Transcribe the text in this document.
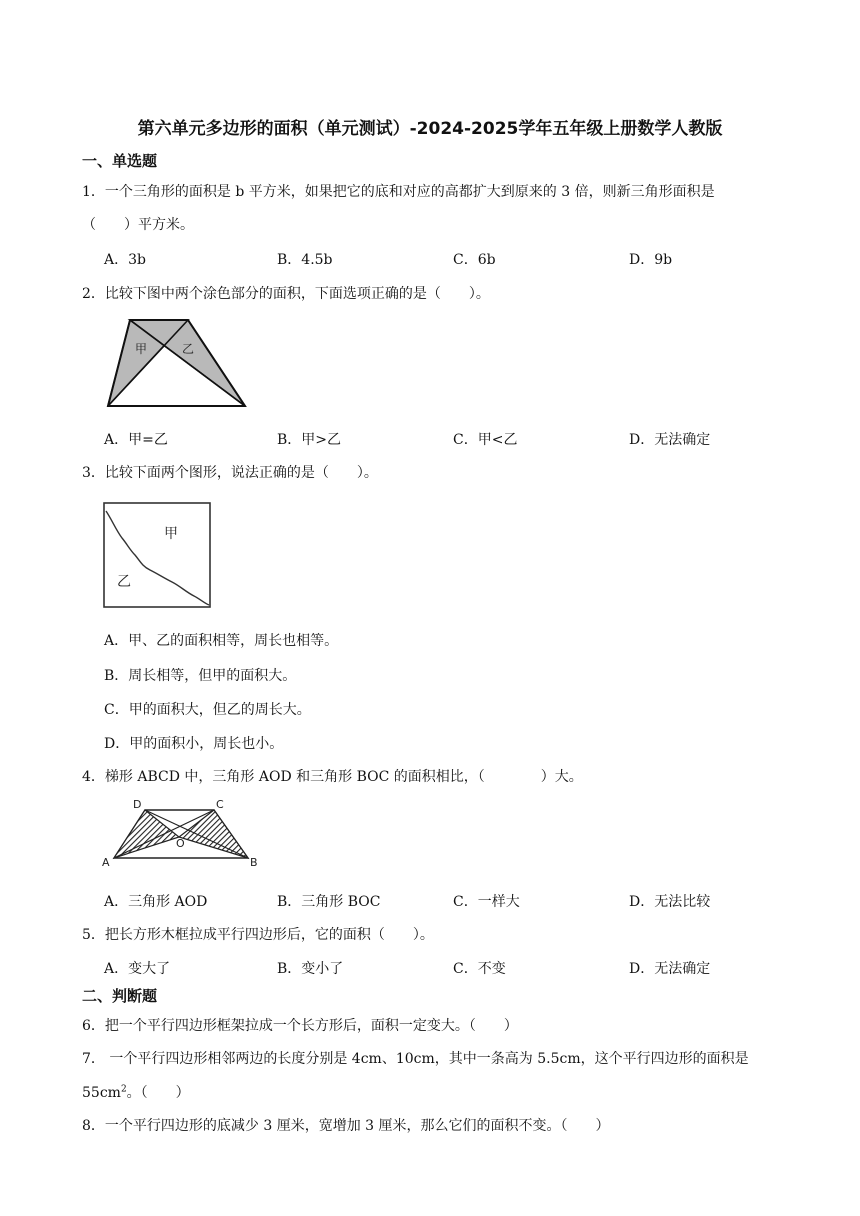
第六单元多边形的面积（单元测试）-2024-2025学年五年级上册数学人教版
一、单选题
1．一个三角形的面积是 b 平方米，如果把它的底和对应的高都扩大到原来的 3 倍，则新三角形面积是
（　　）平方米。
A．3b	B．4.5b	C．6b	D．9b
2．比较下图中两个涂色部分的面积，下面选项正确的是（　　）。
甲	乙
A．甲=乙	B．甲>乙	C．甲<乙	D．无法确定
3．比较下面两个图形，说法正确的是（　　）。
甲
乙
A．甲、乙的面积相等，周长也相等。
B．周长相等，但甲的面积大。
C．甲的面积大，但乙的周长大。
D．甲的面积小，周长也小。
4．梯形 ABCD 中，三角形 AOD 和三角形 BOC 的面积相比，（　　　　）大。
D	C
O
A	B
A．三角形 AOD	B．三角形 BOC	C．一样大	D．无法比较
5．把长方形木框拉成平行四边形后，它的面积（　　）。
A．变大了	B．变小了	C．不变	D．无法确定
二、判断题
6．把一个平行四边形框架拉成一个长方形后，面积一定变大。（　　）
7． 一个平行四边形相邻两边的长度分别是 4cm、10cm，其中一条高为 5.5cm，这个平行四边形的面积是
$55cm^2$。（　　）
8．一个平行四边形的底减少 3 厘米，宽增加 3 厘米，那么它们的面积不变。（　　）
